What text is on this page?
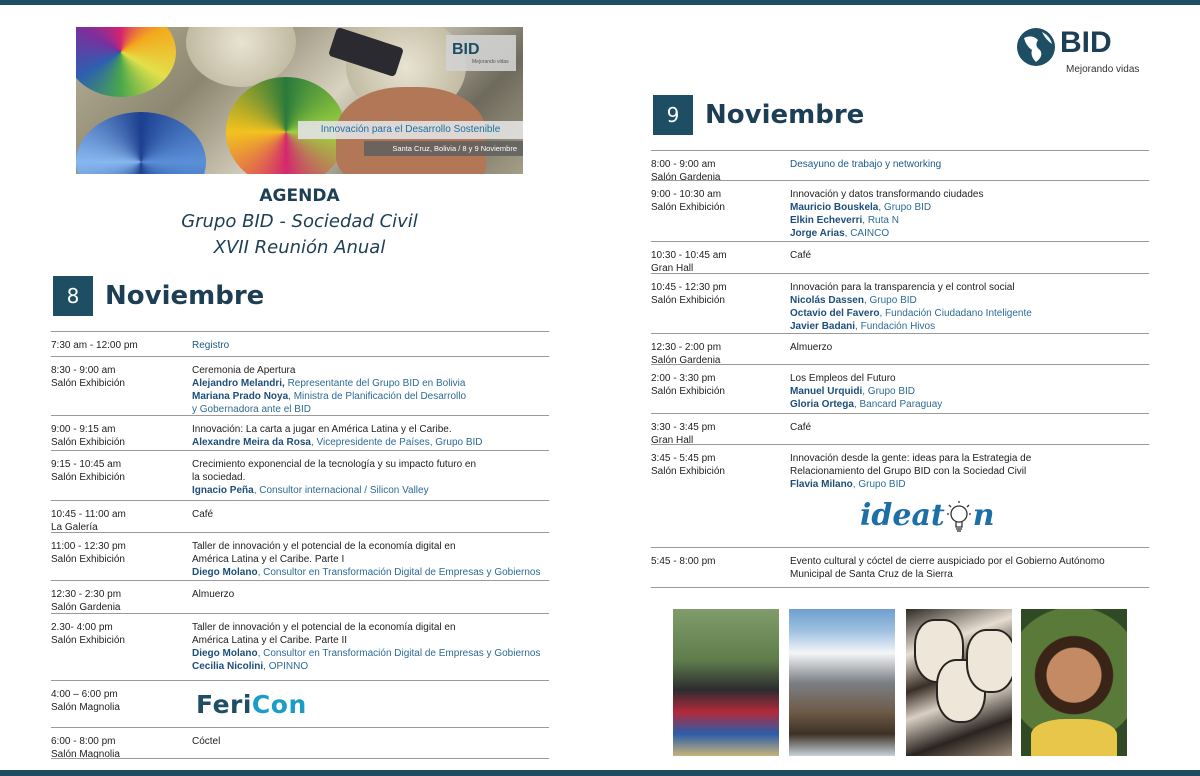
BID
Mejorando vidas
Innovación para el Desarrollo Sostenible
Santa Cruz, Bolivia / 8 y 9 Noviembre
AGENDA
Grupo BID - Sociedad Civil
XVII Reunión Anual
8 Noviembre
7:30 am - 12:00 pm	Registro
8:30 - 9:00 am
Salón Exhibición
Ceremonia de Apertura
Alejandro Melandri, Representante del Grupo BID en Bolivia
Mariana Prado Noya, Ministra de Planificación del Desarrollo
y Gobernadora ante el BID
9:00 - 9:15 am
Salón Exhibición
Innovación: La carta a jugar en América Latina y el Caribe.
Alexandre Meira da Rosa, Vicepresidente de Países, Grupo BID
9:15 - 10:45 am
Salón Exhibición
Crecimiento exponencial de la tecnología y su impacto futuro en
la sociedad.
Ignacio Peña, Consultor internacional / Silicon Valley
10:45 - 11:00 am
La Galería
Café
11:00 - 12:30 pm
Salón Exhibición
Taller de innovación y el potencial de la economía digital en
América Latina y el Caribe. Parte I
Diego Molano, Consultor en Transformación Digital de Empresas y Gobiernos
12:30 - 2:30 pm
Salón Gardenia
Almuerzo
2.30- 4:00 pm
Salón Exhibición
Taller de innovación y el potencial de la economía digital en
América Latina y el Caribe. Parte II
Diego Molano, Consultor en Transformación Digital de Empresas y Gobiernos
Cecilia Nicolini, OPINNO
4:00 – 6:00 pm
Salón Magnolia
6:00 - 8:00 pm
Salón Magnolia
Cóctel
FeriCon
9 Noviembre
8:00 - 9:00 am
Salón Gardenia
Desayuno de trabajo y networking
9:00 - 10:30 am
Salón Exhibición
Innovación y datos transformando ciudades
Mauricio Bouskela, Grupo BID
Elkin Echeverri, Ruta N
Jorge Arias, CAINCO
10:30 - 10:45 am
Gran Hall
Café
10:45 - 12:30 pm
Salón Exhibición
Innovación para la transparencia y el control social
Nicolás Dassen, Grupo BID
Octavio del Favero, Fundación Ciudadano Inteligente
Javier Badani, Fundación Hivos
12:30 - 2:00 pm
Salón Gardenia
Almuerzo
2:00 - 3:30 pm
Salón Exhibición
Los Empleos del Futuro
Manuel Urquidi, Grupo BID
Gloria Ortega, Bancard Paraguay
3:30 - 3:45 pm
Gran Hall
Café
3:45 - 5:45 pm
Salón Exhibición
Innovación desde la gente: ideas para la Estrategia de
Relacionamiento del Grupo BID con la Sociedad Civil
Flavia Milano, Grupo BID
5:45 - 8:00 pm	Evento cultural y cóctel de cierre auspiciado por el Gobierno Autónomo
Municipal de Santa Cruz de la Sierra
ideat n
BID
Mejorando vidas
